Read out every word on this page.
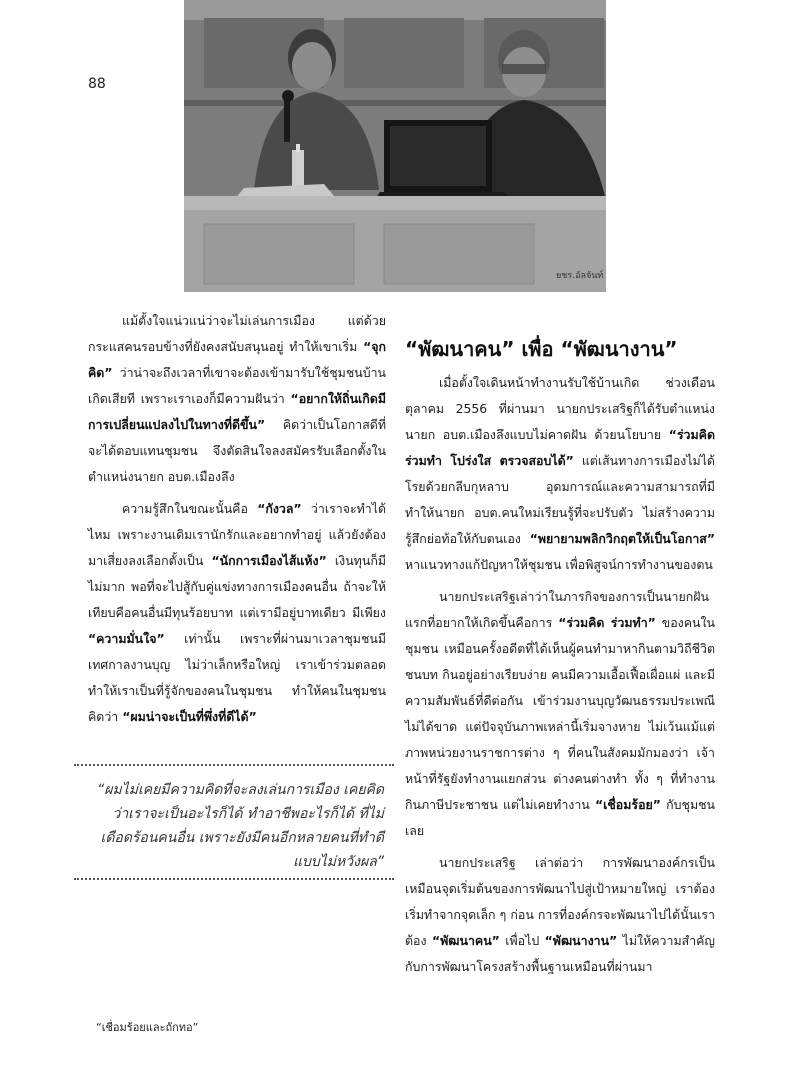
88
ยชร.อัลจันท์

แม้ตั้งใจแน่วแน่ว่าจะไม่เล่นการเมือง แต่ด้วยกระแสคนรอบข้างที่ยังคงสนับสนุนอยู่ ทำให้เขาเริ่ม “จุกคิด” ว่าน่าจะถึงเวลาที่เขาจะต้องเข้ามารับใช้ชุมชนบ้านเกิดเสียที เพราะเราเองก็มีความฝันว่า “อยากให้ถิ่นเกิดมีการเปลี่ยนแปลงไปในทางที่ดีขึ้น” คิดว่าเป็นโอกาสดีที่จะได้ตอบแทนชุมชน จึงตัดสินใจลงสมัครรับเลือกตั้งในตำแหน่งนายก อบต.เมืองลึง

ความรู้สึกในขณะนั้นคือ “กังวล” ว่าเราจะทำได้ไหม เพราะงานเดิมเรานักรักและอยากทำอยู่ แล้วยังต้องมาเสี่ยงลงเลือกตั้งเป็น “นักการเมืองไส้แห้ง” เงินทุนก็มีไม่มาก พอที่จะไปสู้กับคู่แข่งทางการเมืองคนอื่น ถ้าจะให้เทียบคือคนอื่นมีทุนร้อยบาท แต่เรามีอยู่บาทเดียว มีเพียง “ความมั่นใจ” เท่านั้น เพราะที่ผ่านมาเวลาชุมชนมีเทศกาลงานบุญ ไม่ว่าเล็กหรือใหญ่ เราเข้าร่วมตลอด ทำให้เราเป็นที่รู้จักของคนในชุมชน ทำให้คนในชุมชนคิดว่า “ผมน่าจะเป็นที่พึ่งที่ดีได้”

“ผมไม่เคยมีความคิดที่จะลงเล่นการเมือง เคยคิดว่าเราจะเป็นอะไรก็ได้ ทำอาชีพอะไรก็ได้ ที่ไม่เดือดร้อนคนอื่น เพราะยังมีคนอีกหลายคนที่ทำดีแบบไม่หวังผล”
“พัฒนาคน” เพื่อ “พัฒนางาน”

เมื่อตั้งใจเดินหน้าทำงานรับใช้บ้านเกิด ช่วงเดือนตุลาคม 2556 ที่ผ่านมา นายกประเสริฐก็ได้รับตำแหน่งนายก อบต.เมืองลึงแบบไม่คาดฝัน ด้วยนโยบาย “ร่วมคิด ร่วมทำ โปร่งใส ตรวจสอบได้” แต่เส้นทางการเมืองไม่ได้โรยด้วยกลีบกุหลาบ อุดมการณ์และความสามารถที่มี ทำให้นายก อบต.คนใหม่เรียนรู้ที่จะปรับตัว ไม่สร้างความรู้สึกย่อท้อให้กับตนเอง “พยายามพลิกวิกฤตให้เป็นโอกาส” หาแนวทางแก้ปัญหาให้ชุมชน เพื่อพิสูจน์การทำงานของตน

นายกประเสริฐเล่าว่าในภารกิจของการเป็นนายกฝันแรกที่อยากให้เกิดขึ้นคือการ “ร่วมคิด ร่วมทำ” ของคนในชุมชน เหมือนครั้งอดีตที่ได้เห็นผู้คนทำมาหากินตามวิถีชีวิตชนบท กินอยู่อย่างเรียบง่าย คนมีความเอื้อเฟื้อเผื่อแผ่ และมีความสัมพันธ์ที่ดีต่อกัน เข้าร่วมงานบุญวัฒนธรรมประเพณีไม่ได้ขาด แต่ปัจจุบันภาพเหล่านี้เริ่มจางหาย ไม่เว้นแม้แต่ภาพหน่วยงานราชการต่าง ๆ ที่คนในสังคมมักมองว่า เจ้าหน้าที่รัฐยังทำงานแยกส่วน ต่างคนต่างทำ ทั้ง ๆ ที่ทำงานกินภาษีประชาชน แต่ไม่เคยทำงาน “เชื่อมร้อย” กับชุมชนเลย

นายกประเสริฐ เล่าต่อว่า การพัฒนาองค์กรเป็นเหมือนจุดเริ่มต้นของการพัฒนาไปสู่เป้าหมายใหญ่ เราต้องเริ่มทำจากจุดเล็ก ๆ ก่อน การที่องค์กรจะพัฒนาไปได้นั้นเราต้อง “พัฒนาคน” เพื่อไป “พัฒนางาน” ไม่ให้ความสำคัญกับการพัฒนาโครงสร้างพื้นฐานเหมือนที่ผ่านมา

“เชื่อมร้อยและถักทอ”
